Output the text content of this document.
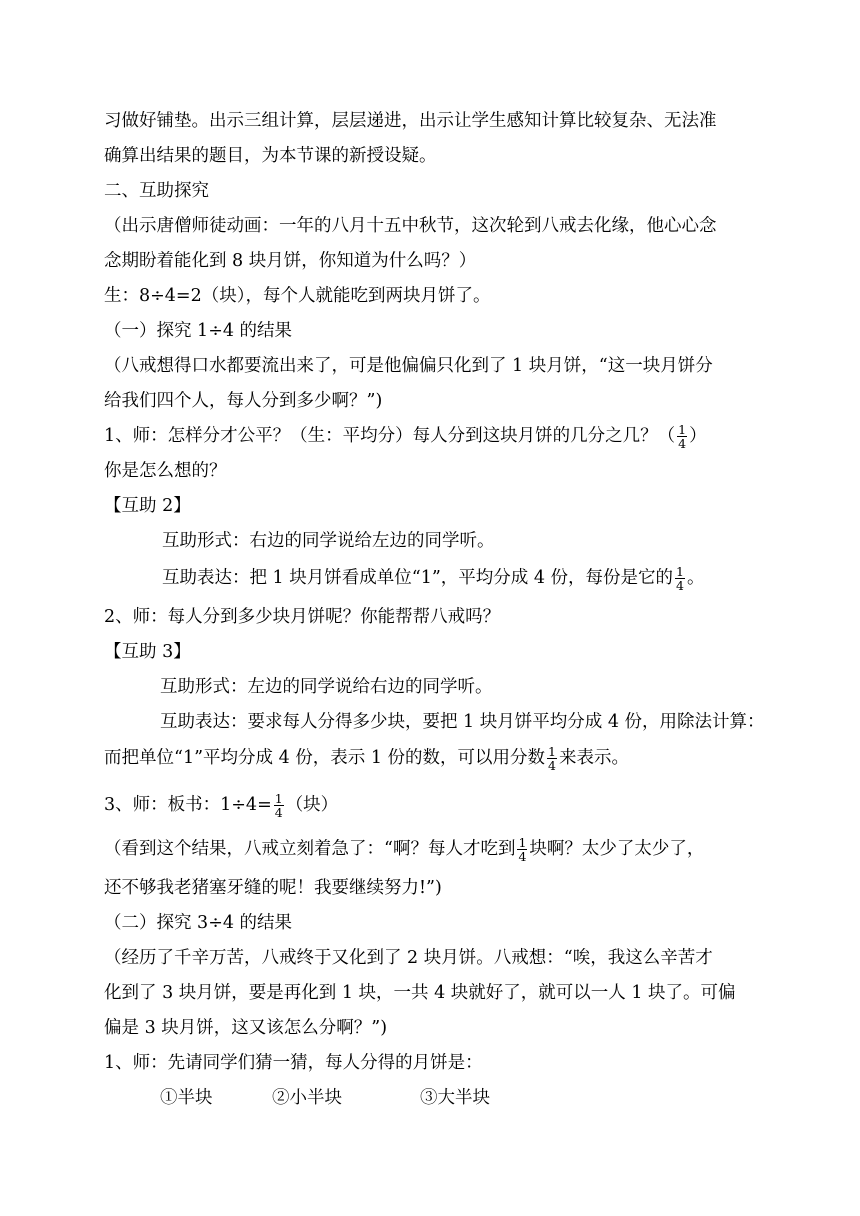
习做好铺垫。出示三组计算，层层递进，出示让学生感知计算比较复杂、无法准
确算出结果的题目，为本节课的新授设疑。
二、互助探究
（出示唐僧师徒动画：一年的八月十五中秋节，这次轮到八戒去化缘，他心心念
念期盼着能化到 8 块月饼，你知道为什么吗？）
生：8÷4=2（块），每个人就能吃到两块月饼了。
（一）探究 1÷4 的结果
（八戒想得口水都要流出来了，可是他偏偏只化到了 1 块月饼，“这一块月饼分
给我们四个人，每人分到多少啊？”)
1、师：怎样分才公平？（生：平均分）每人分到这块月饼的几分之几？（ $\frac{1}{4}$ ）
你是怎么想的？
【互助 2】
互助形式：右边的同学说给左边的同学听。
互助表达：把 1 块月饼看成单位“1”，平均分成 4 份，每份是它的 $\frac{1}{4}$ 。
2、师：每人分到多少块月饼呢？你能帮帮八戒吗？
【互助 3】
互助形式：左边的同学说给右边的同学听。
互助表达：要求每人分得多少块，要把 1 块月饼平均分成 4 份，用除法计算：
而把单位“1”平均分成 4 份，表示 1 份的数，可以用分数 $\frac{1}{4}$ 来表示。
3、师：板书：$1\div 4= \frac{1}{4}$ （块）
（看到这个结果，八戒立刻着急了：“啊？每人才吃到 $\frac{1}{4}$ 块啊？太少了太少了，
还不够我老猪塞牙缝的呢！我要继续努力!”)
（二）探究 3÷4 的结果
（经历了千辛万苦，八戒终于又化到了 2 块月饼。八戒想：“唉，我这么辛苦才
化到了 3 块月饼，要是再化到 1 块，一共 4 块就好了，就可以一人 1 块了。可偏
偏是 3 块月饼，这又该怎么分啊？”)
1、师：先请同学们猜一猜，每人分得的月饼是：
①半块	②小半块	③大半块
